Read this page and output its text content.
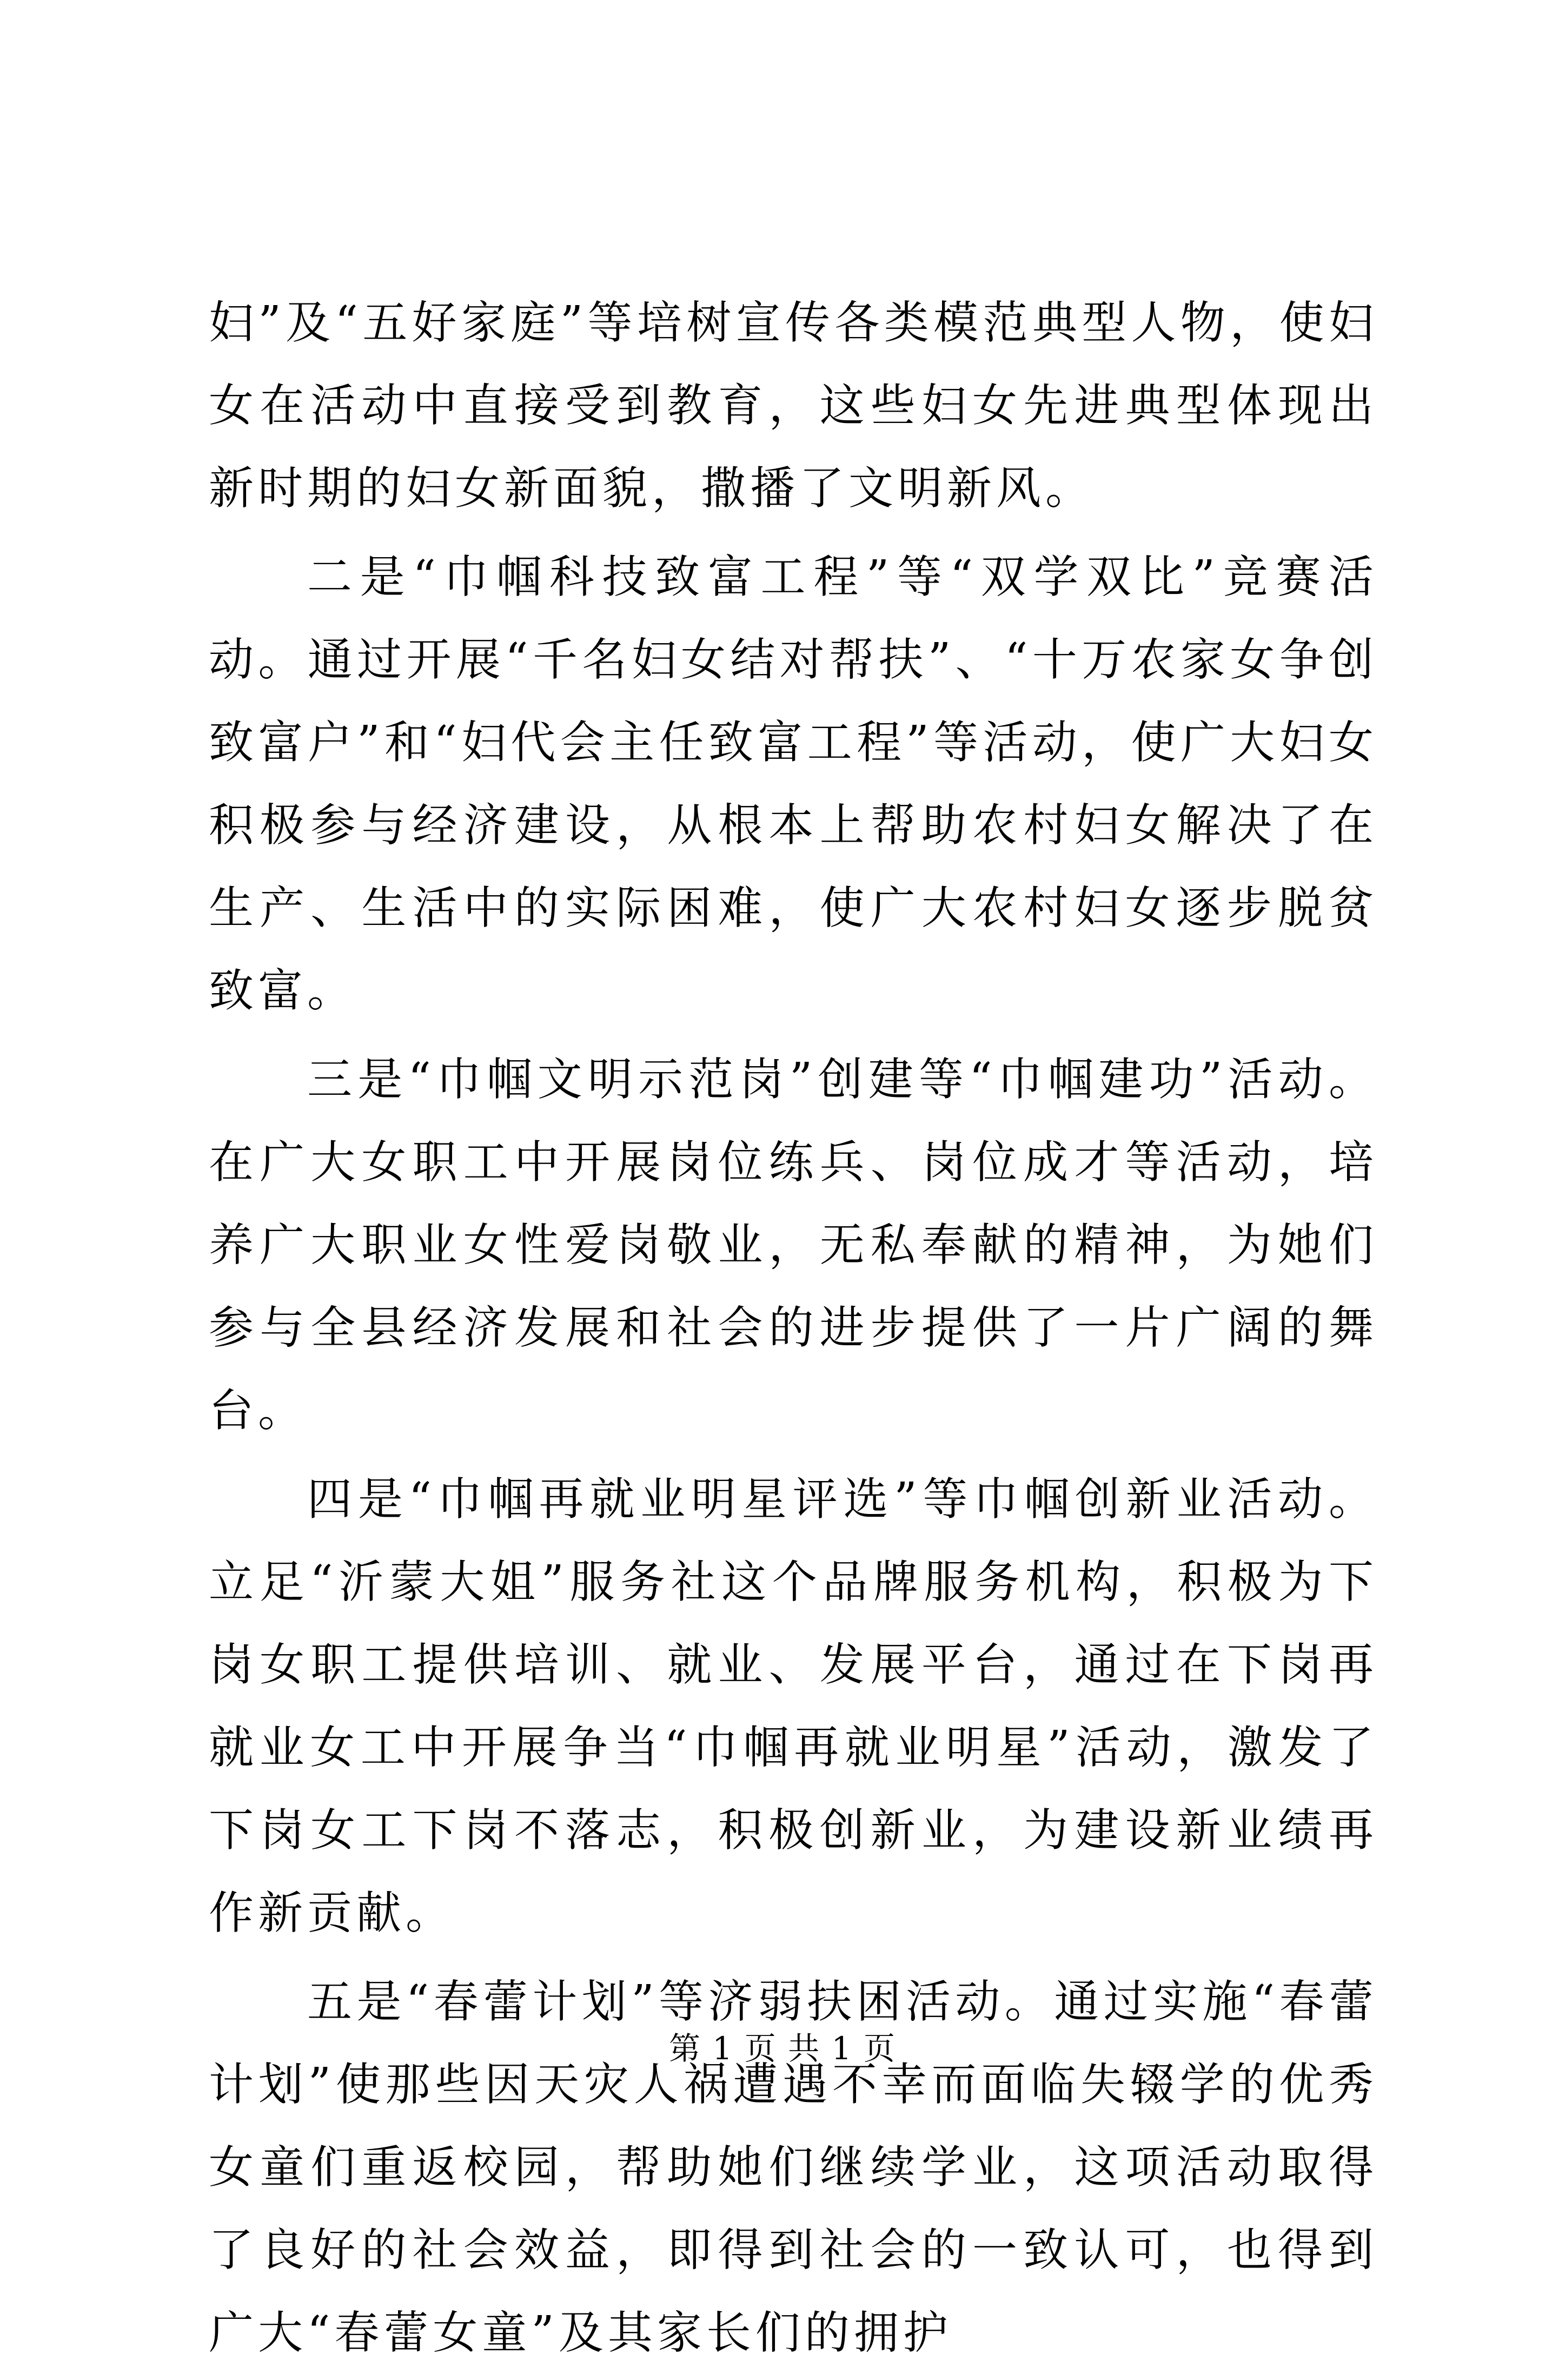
妇”及“五好家庭”等培树宣传各类模范典型人物，使妇女在活动中直接受到教育，这些妇女先进典型体现出新时期的妇女新面貌，撒播了文明新风。

二是“巾帼科技致富工程”等“双学双比”竞赛活动。通过开展“千名妇女结对帮扶”、“十万农家女争创致富户”和“妇代会主任致富工程”等活动，使广大妇女积极参与经济建设，从根本上帮助农村妇女解决了在生产、生活中的实际困难，使广大农村妇女逐步脱贫致富。

三是“巾帼文明示范岗”创建等“巾帼建功”活动。在广大女职工中开展岗位练兵、岗位成才等活动，培养广大职业女性爱岗敬业，无私奉献的精神，为她们参与全县经济发展和社会的进步提供了一片广阔的舞台。

四是“巾帼再就业明星评选”等巾帼创新业活动。立足“沂蒙大姐”服务社这个品牌服务机构，积极为下岗女职工提供培训、就业、发展平台，通过在下岗再就业女工中开展争当“巾帼再就业明星”活动，激发了下岗女工下岗不落志，积极创新业，为建设新业绩再作新贡献。

五是“春蕾计划”等济弱扶困活动。通过实施“春蕾计划”使那些因天灾人祸遭遇不幸而面临失辍学的优秀女童们重返校园，帮助她们继续学业，这项活动取得了良好的社会效益，即得到社会的一致认可，也得到广大“春蕾女童”及其家长们的拥护

第 1 页 共 1 页
